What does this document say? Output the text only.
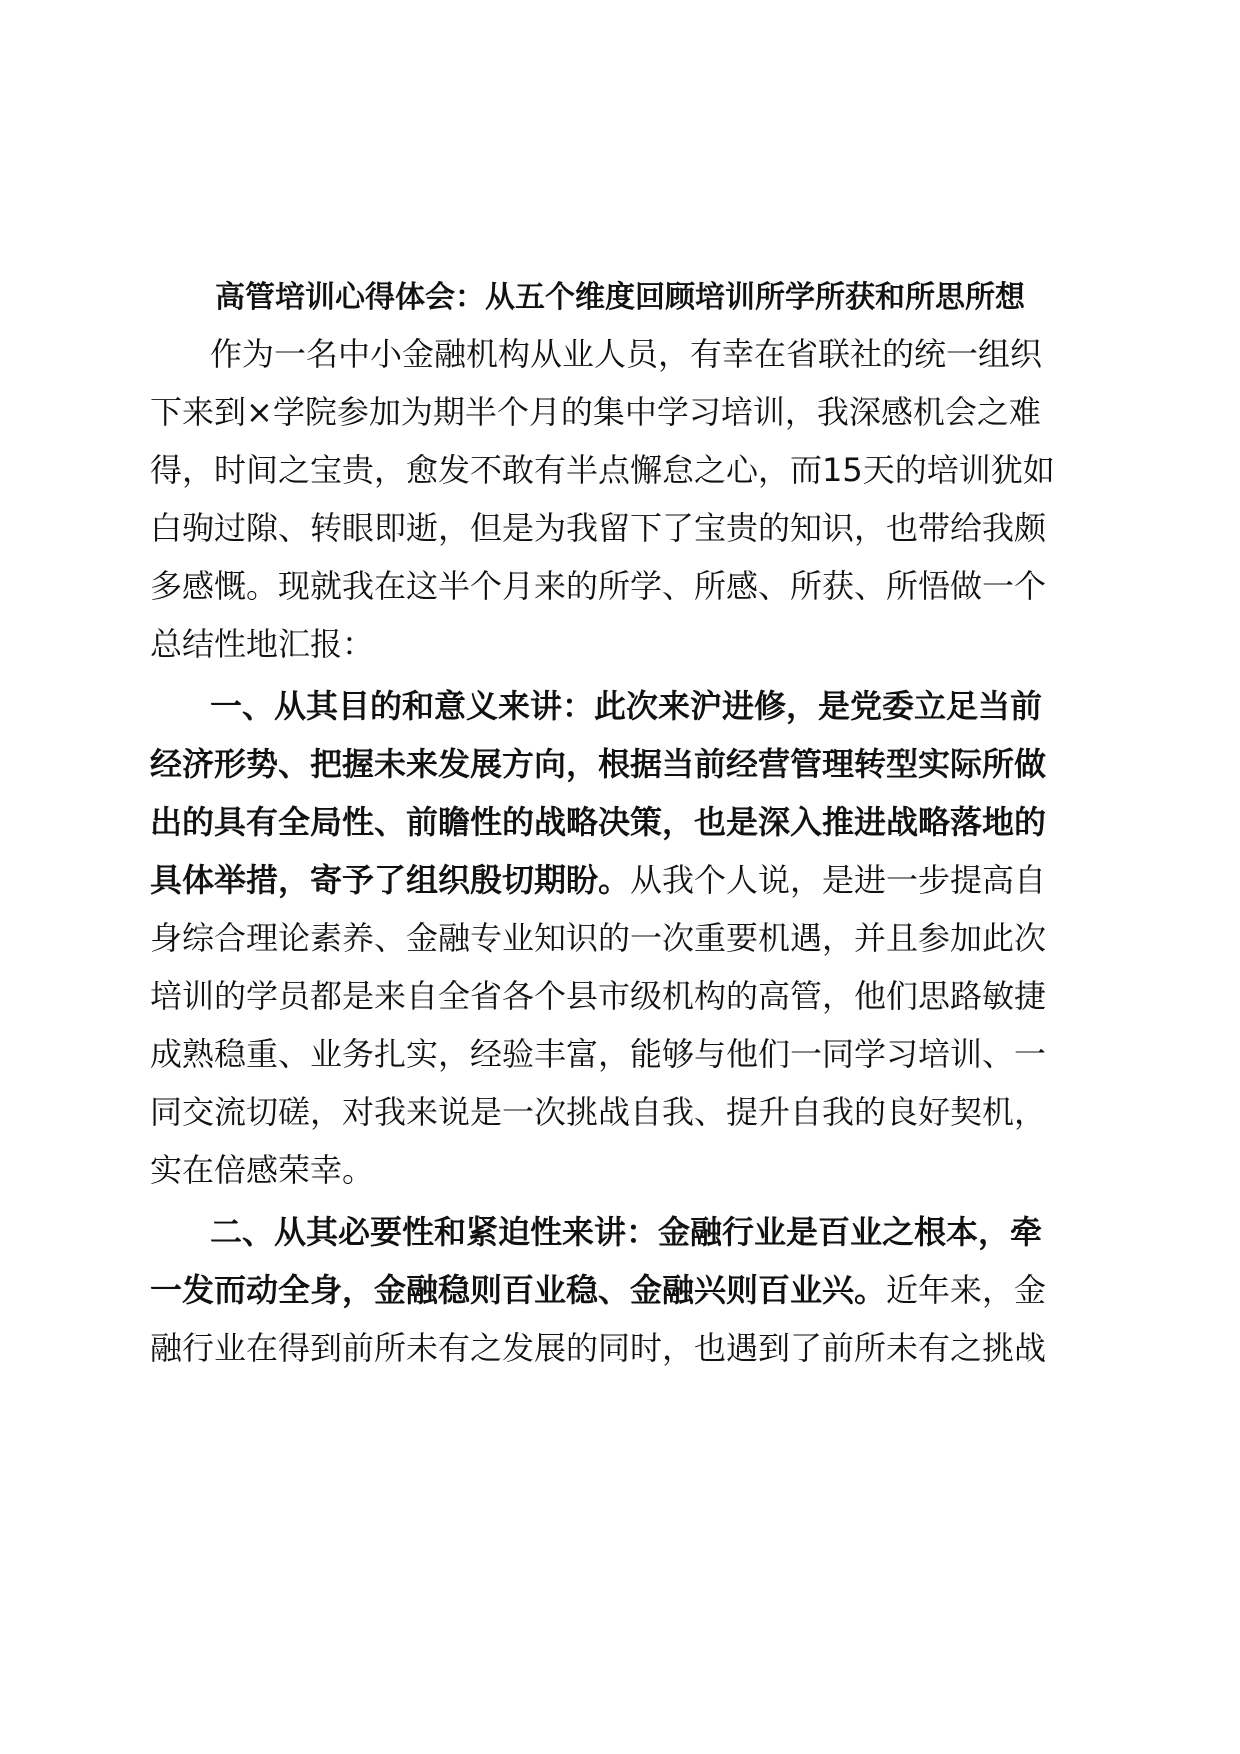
高管培训心得体会：从五个维度回顾培训所学所获和所思所想
作为一名中小金融机构从业人员，有幸在省联社的统一组织
下来到×学院参加为期半个月的集中学习培训，我深感机会之难
得，时间之宝贵，愈发不敢有半点懈怠之心，而15天的培训犹如
白驹过隙、转眼即逝，但是为我留下了宝贵的知识，也带给我颇
多感慨。现就我在这半个月来的所学、所感、所获、所悟做一个
总结性地汇报：
一、从其目的和意义来讲：此次来沪进修，是党委立足当前
经济形势、把握未来发展方向，根据当前经营管理转型实际所做
出的具有全局性、前瞻性的战略决策，也是深入推进战略落地的
具体举措，寄予了组织殷切期盼。从我个人说，是进一步提高自
身综合理论素养、金融专业知识的一次重要机遇，并且参加此次
培训的学员都是来自全省各个县市级机构的高管，他们思路敏捷
成熟稳重、业务扎实，经验丰富，能够与他们一同学习培训、一
同交流切磋，对我来说是一次挑战自我、提升自我的良好契机，
实在倍感荣幸。
二、从其必要性和紧迫性来讲：金融行业是百业之根本，牵
一发而动全身，金融稳则百业稳、金融兴则百业兴。近年来，金
融行业在得到前所未有之发展的同时，也遇到了前所未有之挑战
